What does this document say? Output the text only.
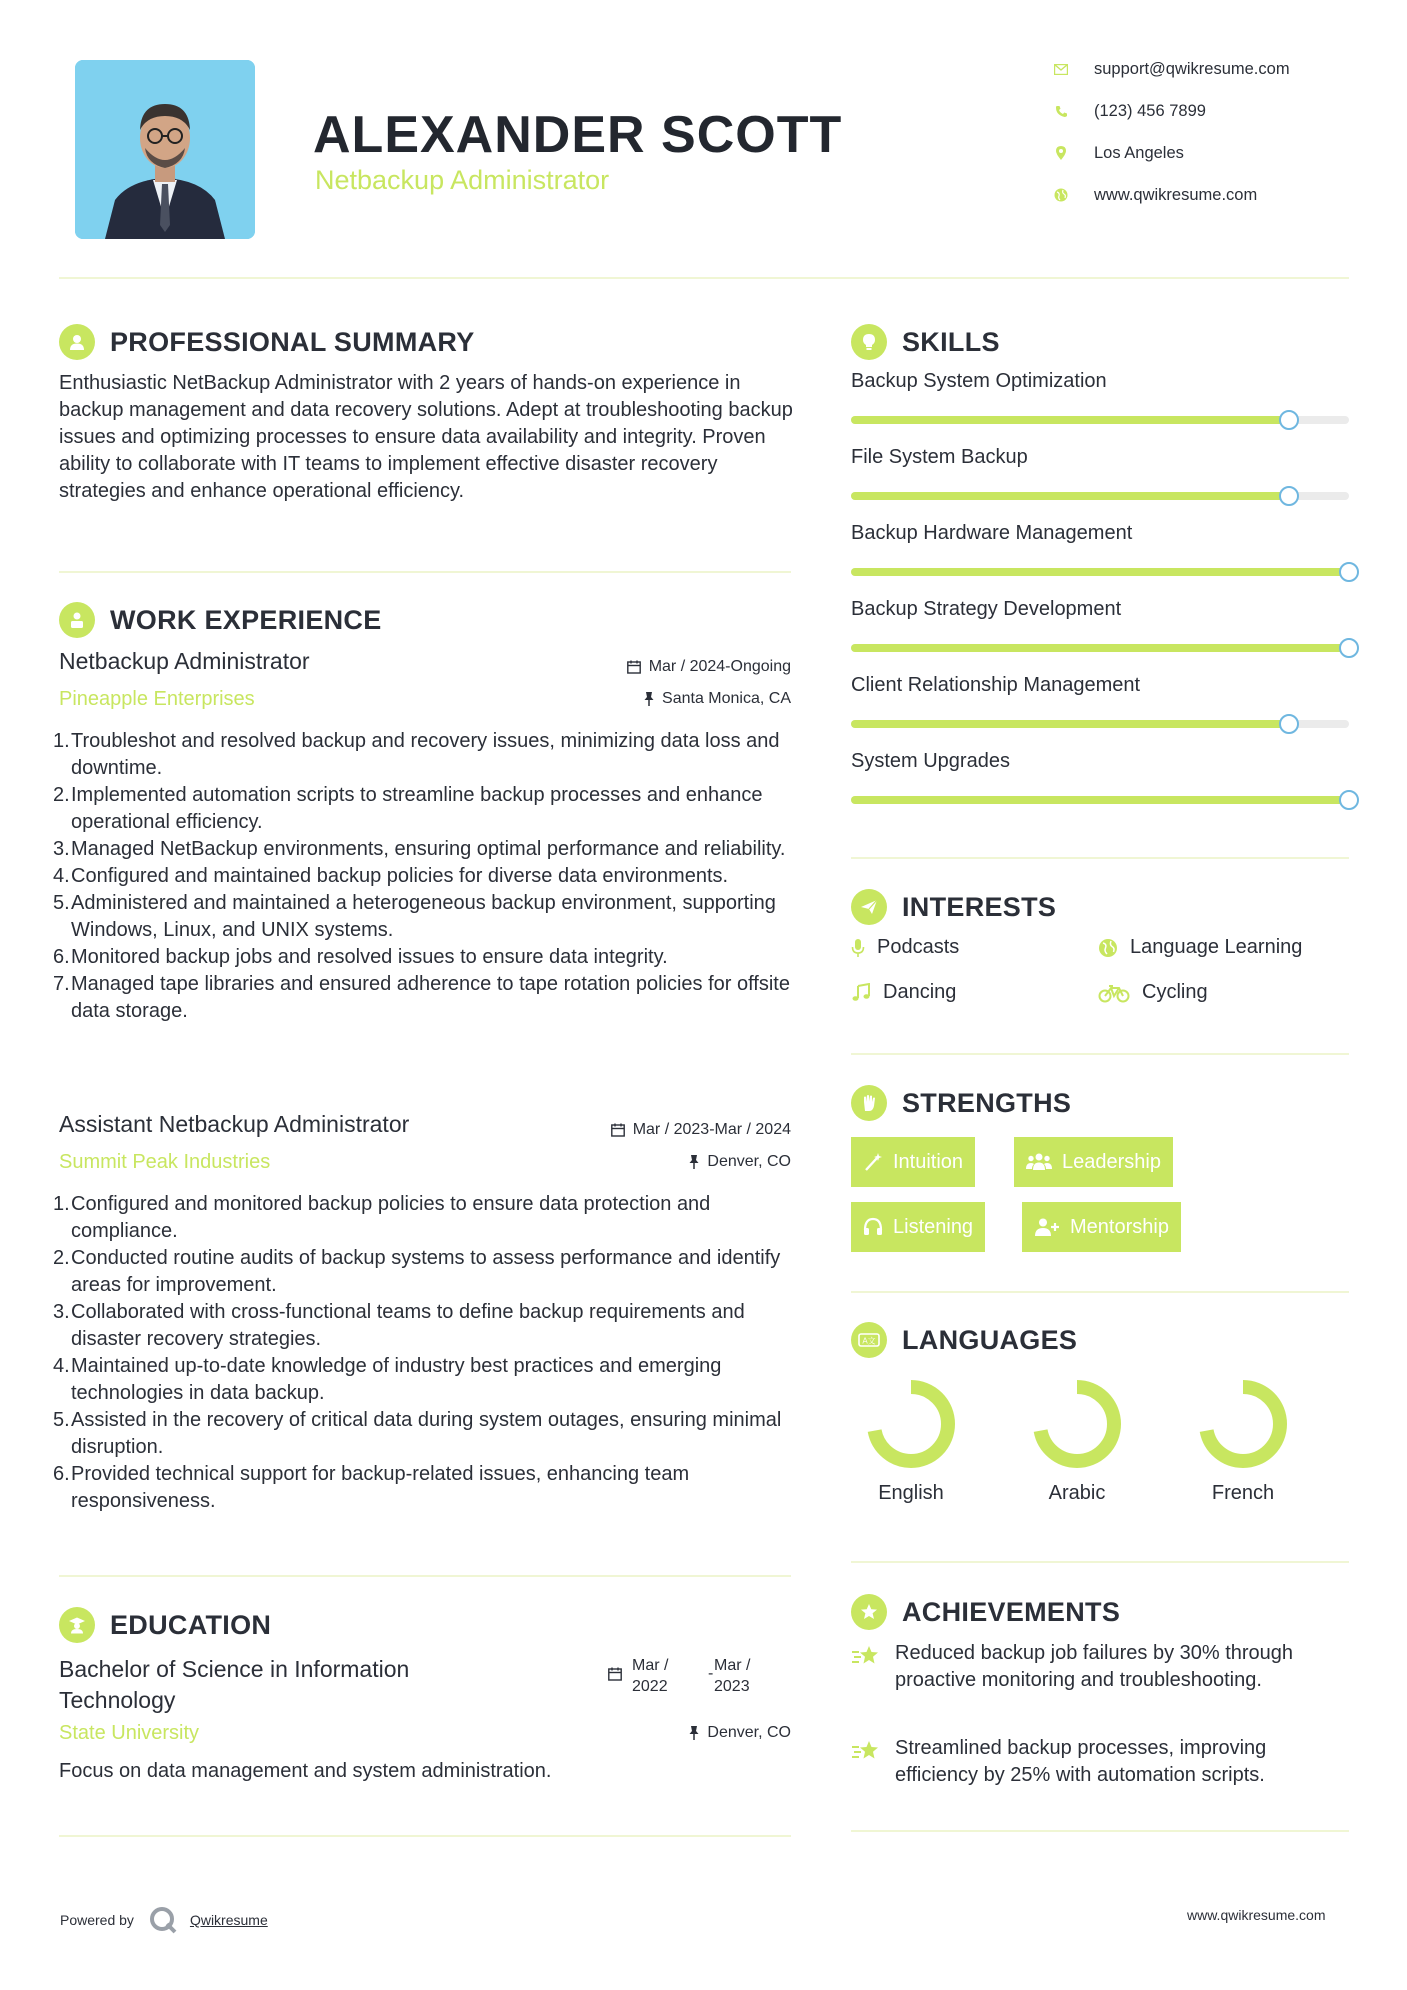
ALEXANDER SCOTT
Netbackup Administrator
support@qwikresume.com
(123) 456 7899
Los Angeles
www.qwikresume.com
PROFESSIONAL SUMMARY
Enthusiastic NetBackup Administrator with 2 years of hands-on experience in backup management and data recovery solutions. Adept at troubleshooting backup issues and optimizing processes to ensure data availability and integrity. Proven ability to collaborate with IT teams to implement effective disaster recovery strategies and enhance operational efficiency.
WORK EXPERIENCE
Netbackup Administrator	Mar / 2024-Ongoing
Pineapple Enterprises	Santa Monica, CA
1. Troubleshot and resolved backup and recovery issues, minimizing data loss and downtime.
2. Implemented automation scripts to streamline backup processes and enhance operational efficiency.
3. Managed NetBackup environments, ensuring optimal performance and reliability.
4. Configured and maintained backup policies for diverse data environments.
5. Administered and maintained a heterogeneous backup environment, supporting Windows, Linux, and UNIX systems.
6. Monitored backup jobs and resolved issues to ensure data integrity.
7. Managed tape libraries and ensured adherence to tape rotation policies for offsite data storage.
Assistant Netbackup Administrator	Mar / 2023-Mar / 2024
Summit Peak Industries	Denver, CO
1. Configured and monitored backup policies to ensure data protection and compliance.
2. Conducted routine audits of backup systems to assess performance and identify areas for improvement.
3. Collaborated with cross-functional teams to define backup requirements and disaster recovery strategies.
4. Maintained up-to-date knowledge of industry best practices and emerging technologies in data backup.
5. Assisted in the recovery of critical data during system outages, ensuring minimal disruption.
6. Provided technical support for backup-related issues, enhancing team responsiveness.
EDUCATION
Bachelor of Science in Information
Technology
Mar /
2022
- Mar /
2023
State University	Denver, CO
Focus on data management and system administration.
SKILLS
Backup System Optimization
File System Backup
Backup Hardware Management
Backup Strategy Development
Client Relationship Management
System Upgrades
INTERESTS
Podcasts	Language Learning
Dancing	Cycling
STRENGTHS
Intuition	Leadership
Listening	Mentorship
A文 LANGUAGES
English	Arabic	French
ACHIEVEMENTS
Reduced backup job failures by 30% through proactive monitoring and troubleshooting.
Streamlined backup processes, improving efficiency by 25% with automation scripts.
Powered by	Qwikresume	www.qwikresume.com
